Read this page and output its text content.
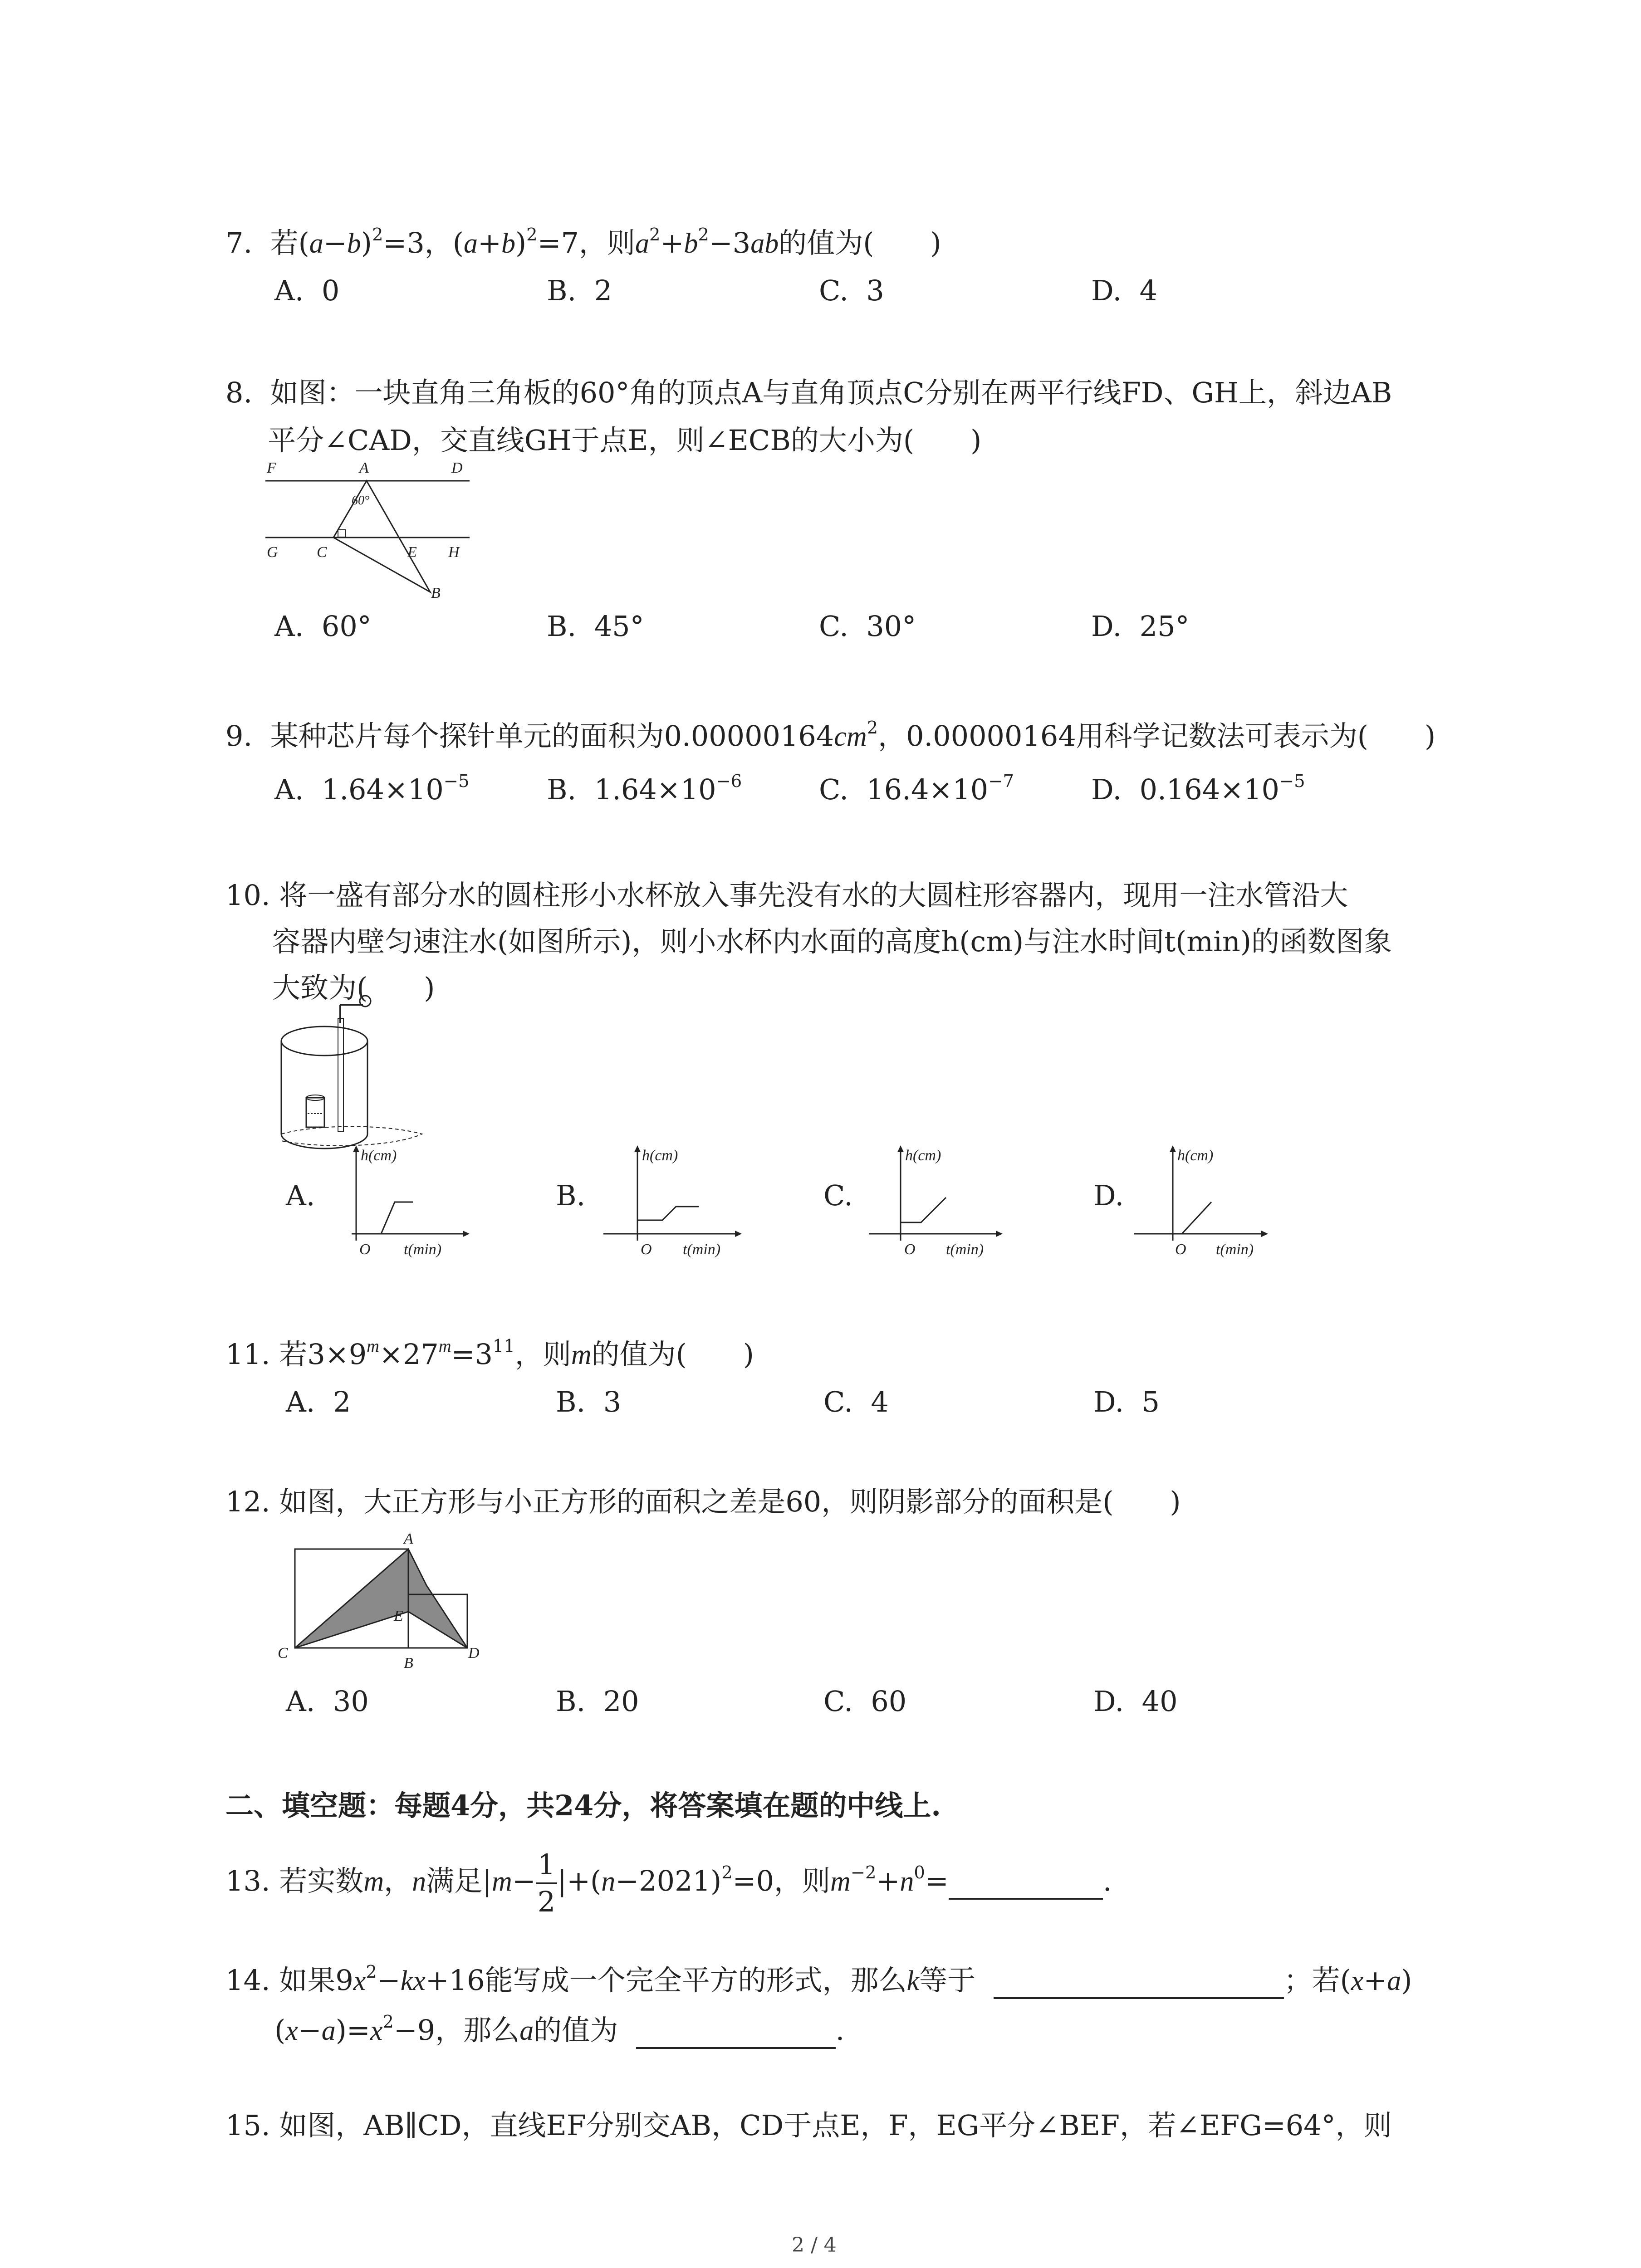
7. 若$(a-b)^2=3$，$(a+b)^2=7$，则$a^2+b^2-3ab$的值为(　　)
A. 0	B. 2	C. 3	D. 4
8. 如图：一块直角三角板的60°角的顶点A与直角顶点C分别在两平行线FD、GH上，斜边AB
平分∠CAD，交直线GH于点E，则∠ECB的大小为(　　)
F	A	D
60°
G	C	E H
B
A. 60°	B. 45°	C. 30°	D. 25°
9. 某种芯片每个探针单元的面积为$0.00000164cm^2$，0.00000164用科学记数法可表示为(　　)
A. $1.64\times 10^{-5}$	B. $1.64\times 10^{-6}$	C. $16.4\times 10^{-7}$	D. $0.164\times 10^{-5}$
10. 将一盛有部分水的圆柱形小水杯放入事先没有水的大圆柱形容器内，现用一注水管沿大
容器内壁匀速注水(如图所示)，则小水杯内水面的高度h(cm)与注水时间t(min)的函数图象
大致为(　　)
A.	B.	C.	D.
h(cm)
O t(min)
h(cm)
O t(min)
h(cm)
O t(min)
h(cm)
O t(min)
11. 若$3\times 9^m\times 27^m=3^{11}$，则m的值为(　　)
A. 2	B. 3	C. 4	D. 5
12. 如图，大正方形与小正方形的面积之差是60，则阴影部分的面积是(　　)
A
C
E
B
D
A. 30	B. 20	C. 60	D. 40
二、填空题：每题4分，共24分，将答案填在题的中线上.
13. 若实数m，n满足$|m- \frac{1}{2} |+(n-2021)^2=0$，则$m^{-2}+n^0=$	.
14. 如果$9x^2-kx+16$能写成一个完全平方的形式，那么k等于	；若(x+a)
$(x-a)=x^2-9$，那么a的值为	.
15. 如图，AB∥CD，直线EF分别交AB，CD于点E，F，EG平分∠BEF，若∠EFG=64°，则
2 / 4
